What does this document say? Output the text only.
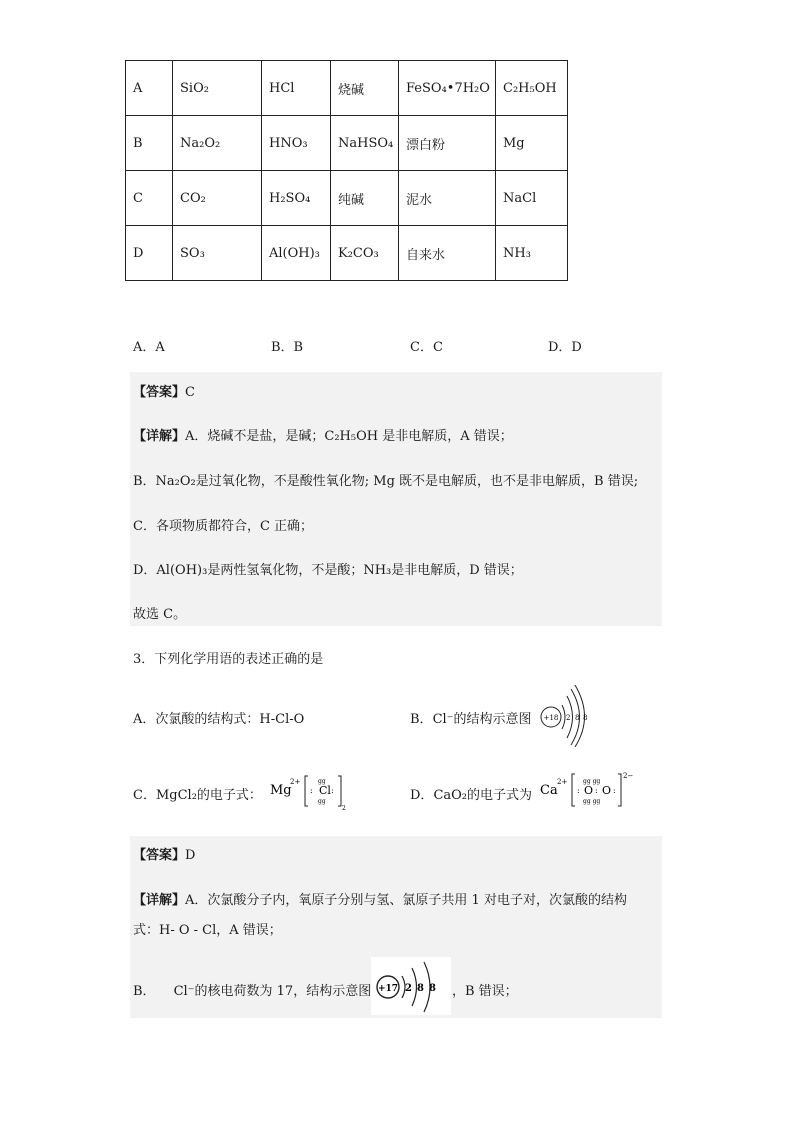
A	SiO₂	HCl	烧碱	FeSO₄•7H₂O	C₂H₅OH
B	Na₂O₂	HNO₃	NaHSO₄	漂白粉	Mg
C	CO₂	H₂SO₄	纯碱	泥水	NaCl
D	SO₃	Al(OH)₃	K₂CO₃	自来水	NH₃
A．A	B．B	C．C	D．D
【答案】C
【详解】A．烧碱不是盐，是碱；C₂H₅OH 是非电解质，A 错误；
B．Na₂O₂是过氧化物，不是酸性氧化物; Mg 既不是电解质，也不是非电解质，B 错误;
C．各项物质都符合，C 正确；
D．Al(OH)₃是两性氢氧化物，不是酸；NH₃是非电解质，D 错误；
故选 C。
3．下列化学用语的表述正确的是
A．次氯酸的结构式：H-Cl-O	B．Cl⁻的结构示意图 +18 2 8 8
C．MgCl₂的电子式： Mg
2+
Cl
: :
gg
gg
2
D．CaO₂的电子式为 Ca
2+
: O : O :
gg gg
gg gg
2−
【答案】D
【详解】A．次氯酸分子内，氧原子分别与氢、氯原子共用 1 对电子对，次氯酸的结构
式：H- O - Cl，A 错误；
B． Cl⁻的核电荷数为 17，结构示意图 +17 2 8 8 ，B 错误；
